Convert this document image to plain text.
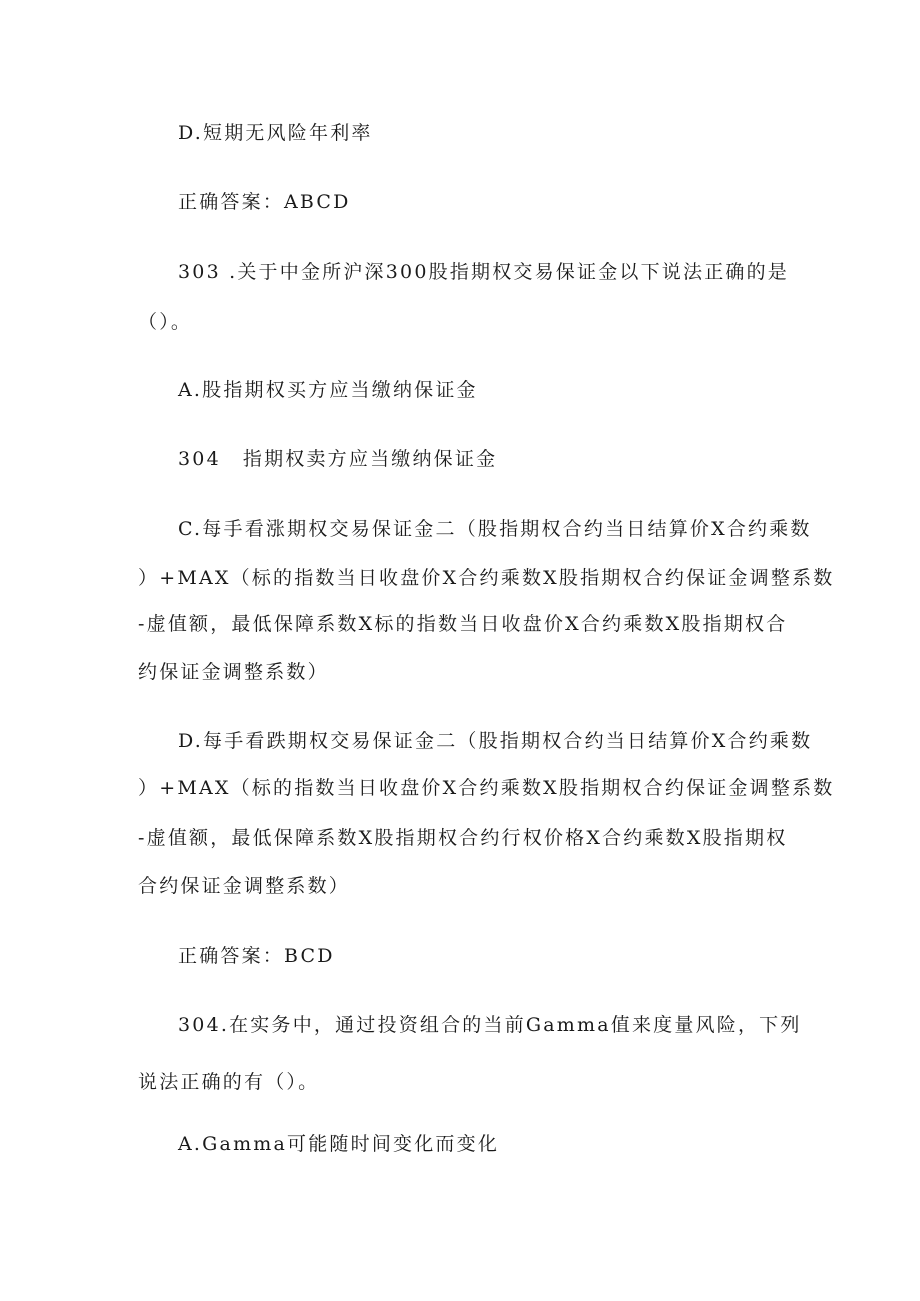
D.短期无风险年利率
正确答案：ABCD
303 .关于中金所沪深300股指期权交易保证金以下说法正确的是
（）。
A.股指期权买方应当缴纳保证金
304 指期权卖方应当缴纳保证金
C.每手看涨期权交易保证金二（股指期权合约当日结算价X合约乘数
）+MAX（标的指数当日收盘价X合约乘数X股指期权合约保证金调整系数
-虚值额，最低保障系数X标的指数当日收盘价X合约乘数X股指期权合
约保证金调整系数）
D.每手看跌期权交易保证金二（股指期权合约当日结算价X合约乘数
）+MAX（标的指数当日收盘价X合约乘数X股指期权合约保证金调整系数
-虚值额，最低保障系数X股指期权合约行权价格X合约乘数X股指期权
合约保证金调整系数）
正确答案：BCD
304.在实务中，通过投资组合的当前Gamma值来度量风险，下列
说法正确的有（）。
A.Gamma可能随时间变化而变化
